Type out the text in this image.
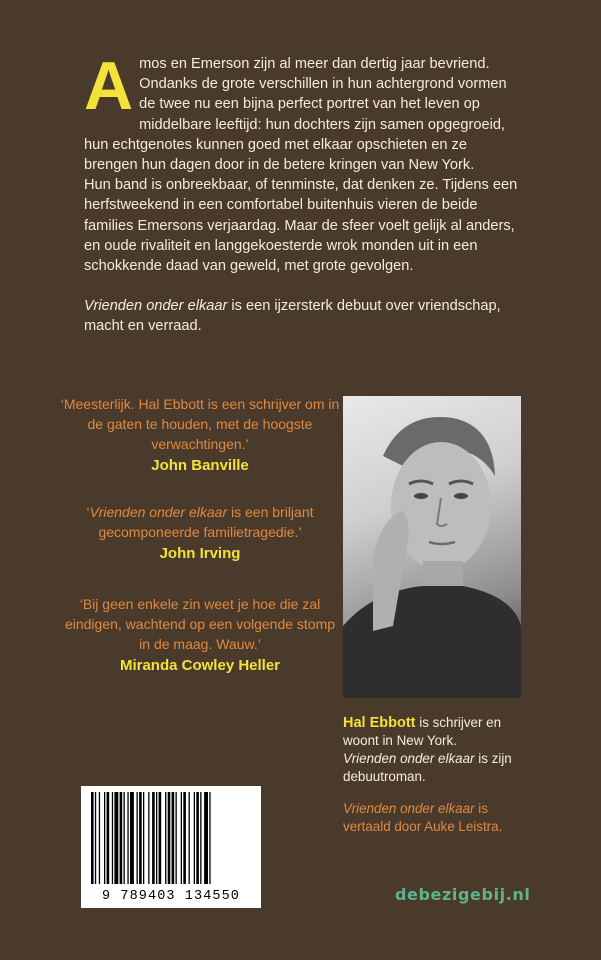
A mos en Emerson zijn al meer dan dertig jaar bevriend. Ondanks de grote verschillen in hun achtergrond vormen de twee nu een bijna perfect portret van het leven op middelbare leeftijd: hun dochters zijn samen opgegroeid, hun echtgenotes kunnen goed met elkaar opschieten en ze brengen hun dagen door in de betere kringen van New York.

Hun band is onbreekbaar, of tenminste, dat denken ze. Tijdens een herfstweekend in een comfortabel buitenhuis vieren de beide families Emersons verjaardag. Maar de sfeer voelt gelijk al anders, en oude rivaliteit en langgekoesterde wrok monden uit in een schokkende daad van geweld, met grote gevolgen.

Vrienden onder elkaar is een ijzersterk debuut over vriendschap, macht en verraad.

‘Meesterlijk. Hal Ebbott is een schrijver om in de gaten te houden, met de hoogste verwachtingen.’

John Banville

‘Vrienden onder elkaar is een briljant gecomponeerde familietragedie.’

John Irving

‘Bij geen enkele zin weet je hoe die zal eindigen, wachtend op een volgende stomp in de maag. Wauw.’

Miranda Cowley Heller

Hal Ebbott is schrijver en woont in New York.

Vrienden onder elkaar is zijn debuutroman.

Vrienden onder elkaar is vertaald door Auke Leistra.

9 789403 134550	debezigebij.nl
